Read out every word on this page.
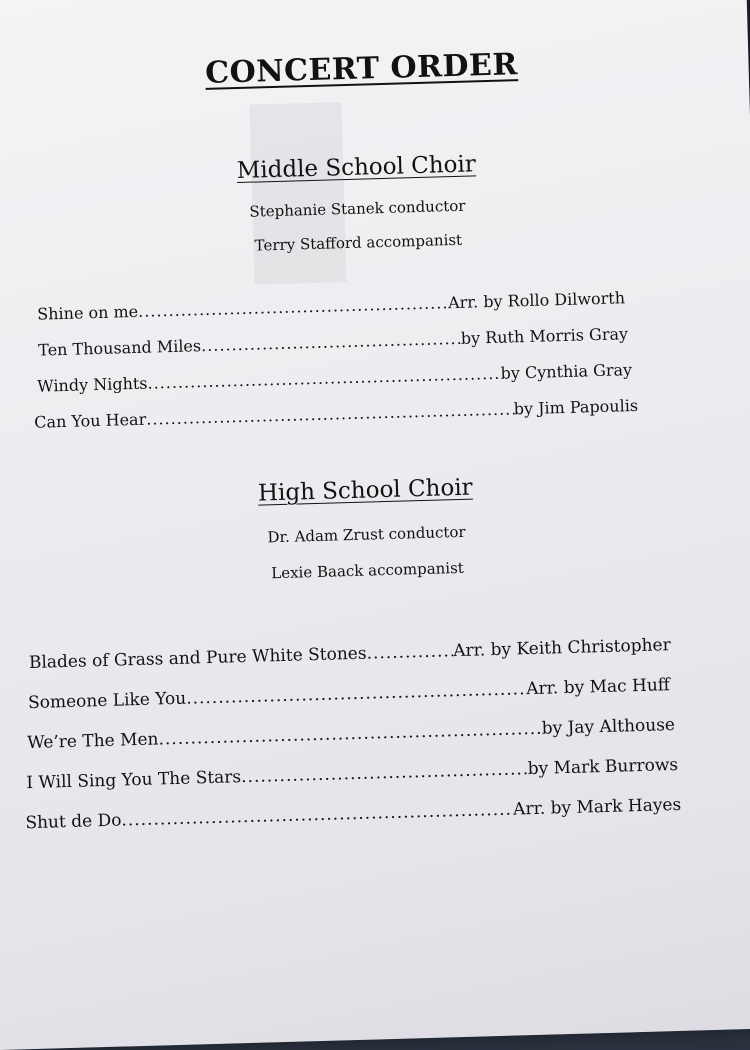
CONCERT ORDER
Middle School Choir
Stephanie Stanek conductor
Terry Stafford accompanist
Shine on me
.....
Arr. by Rollo Dilworth
Ten Thousand Miles
.....
by Ruth Morris Gray
Windy Nights
.....
by Cynthia Gray
Can You Hear
.....
by Jim Papoulis
High School Choir
Dr. Adam Zrust conductor
Lexie Baack accompanist
Blades of Grass and Pure White Stones
.....	Arr. by Keith Christopher
Someone Like You
.....
Arr. by Mac Huff
We’re The Men
.....
by Jay Althouse
I Will Sing You The Stars
.....
by Mark Burrows
Shut de Do
.....
Arr. by Mark Hayes
